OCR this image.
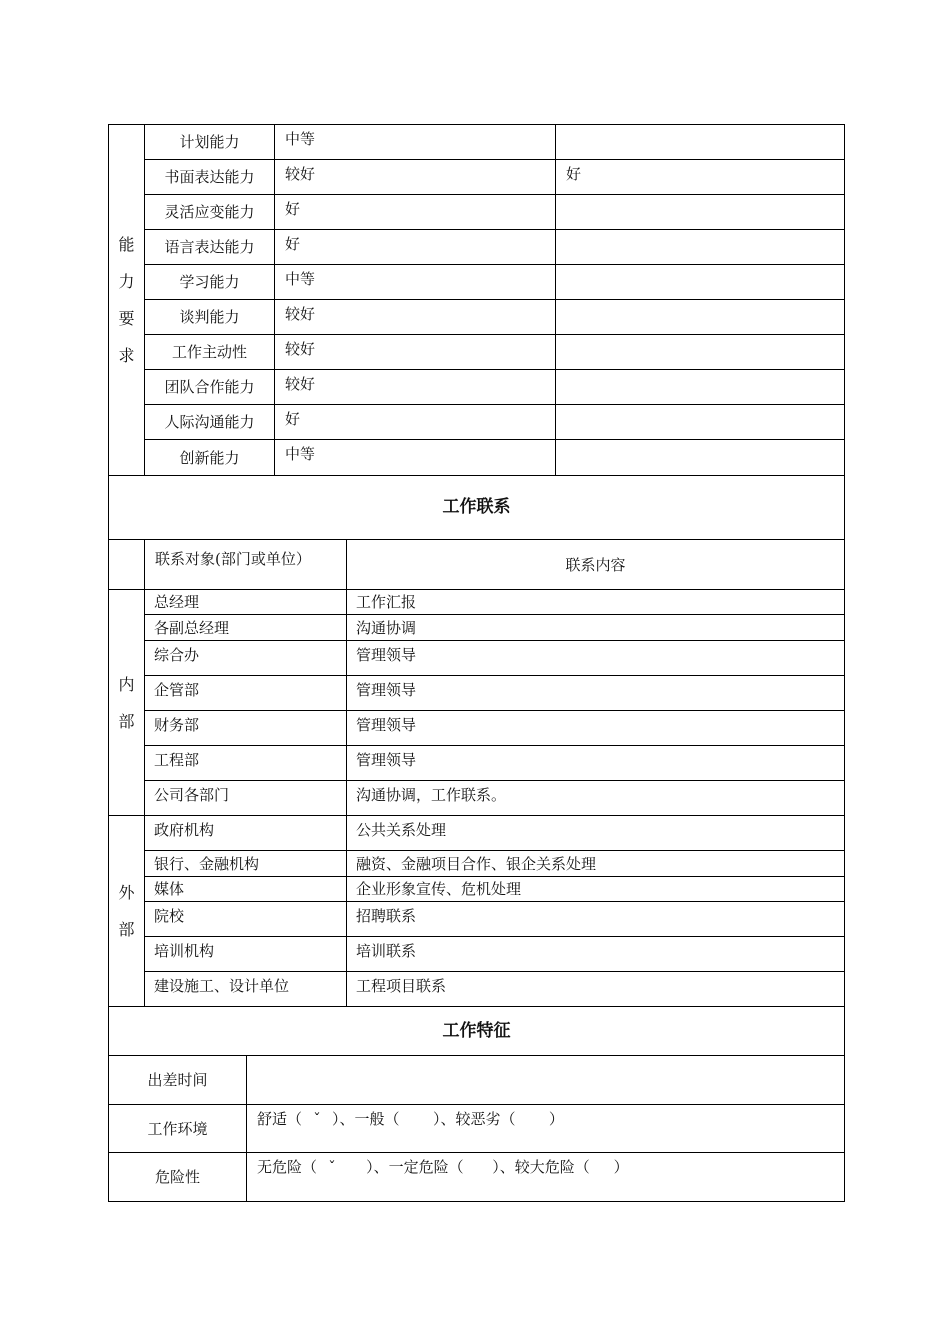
能
力
要
求	计划能力	中等	
	书面表达能力	较好	好
	灵活应变能力	好	
	语言表达能力	好	
	学习能力	中等	
	谈判能力	较好	
	工作主动性	较好	
	团队合作能力	较好	
	人际沟通能力	好	
	创新能力	中等	
工作联系		
	联系对象(部门或单位）	联系内容

内
部	总经理	工作汇报
	各副总经理	沟通协调
	综合办	管理领导
	企管部	管理领导
	财务部	管理领导
	工程部	管理领导
	公司各部门	沟通协调，工作联系。

外
部	政府机构	公共关系处理
	银行、金融机构	融资、金融项目合作、银企关系处理
	媒体	企业形象宣传、危机处理
	院校	招聘联系
	培训机构	培训联系
	建设施工、设计单位	工程项目联系
工作特征	
出差时间	
工作环境	舒适（ ˇ ）、一般（ ）、较恶劣（ ）
危险性	无危险（ ˇ ）、一定危险（ ）、较大危险（ ）
